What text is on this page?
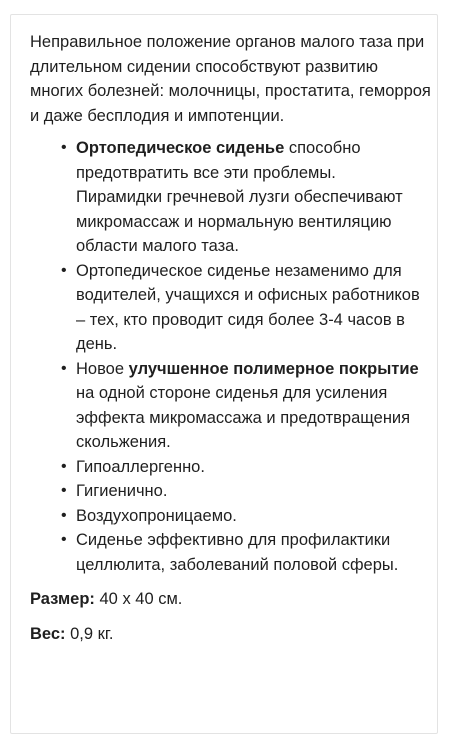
Неправильное положение органов малого таза при длительном сидении способствуют развитию многих болезней: молочницы, простатита, геморроя и даже бесплодия и импотенции.

• Ортопедическое сиденье способно предотвратить все эти проблемы. Пирамидки гречневой лузги обеспечивают микромассаж и нормальную вентиляцию области малого таза.
• Ортопедическое сиденье незаменимо для водителей, учащихся и офисных работников – тех, кто проводит сидя более 3-4 часов в день.
• Новое улучшенное полимерное покрытие на одной стороне сиденья для усиления эффекта микромассажа и предотвращения скольжения.
• Гипоаллергенно.
• Гигиенично.
• Воздухопроницаемо.
• Сиденье эффективно для профилактики целлюлита, заболеваний половой сферы.

Размер: 40 х 40 см.

Вес: 0,9 кг.
